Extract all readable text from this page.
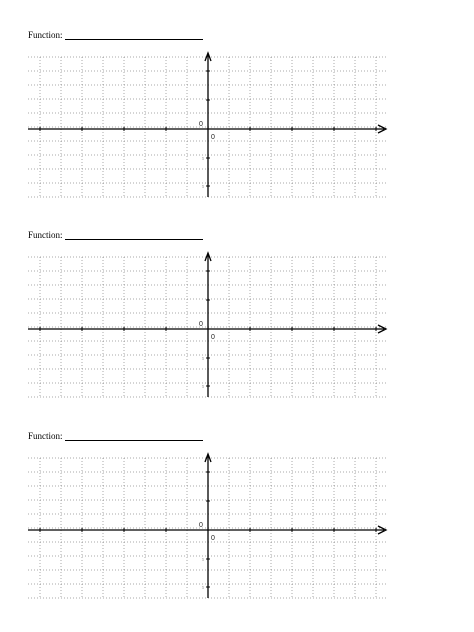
Function:
0
0
1
1
Function:
0
0
1
1
Function:
0
0
1
1
